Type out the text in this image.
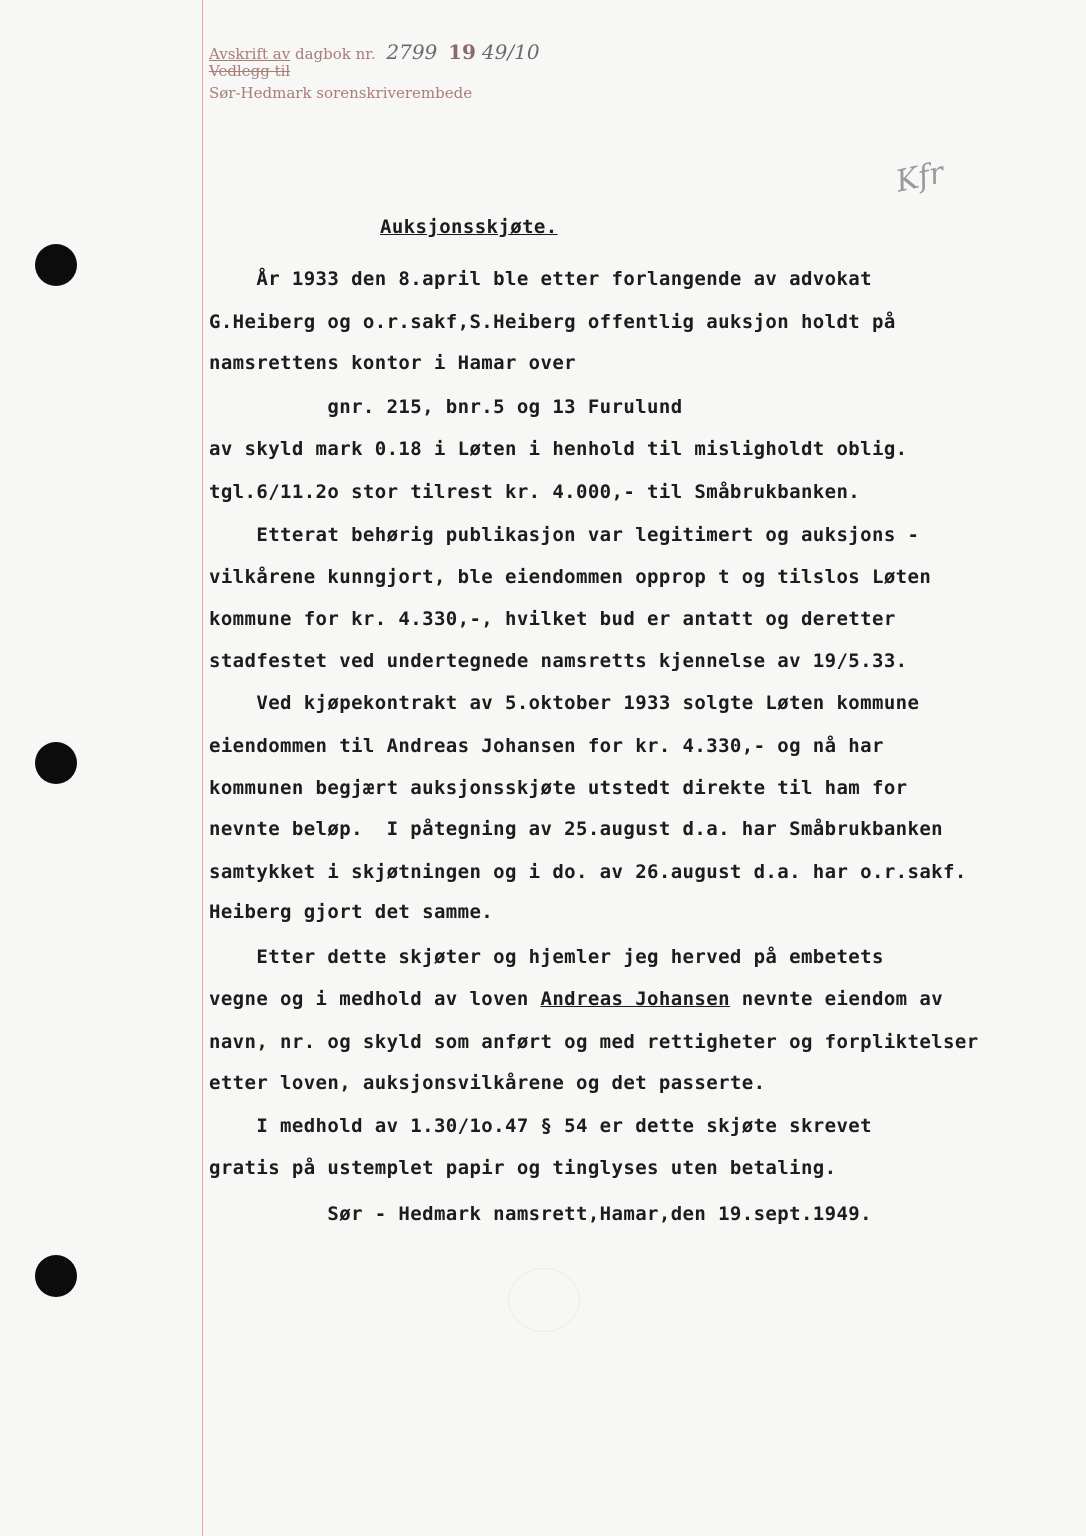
Avskrift av dagbok nr. 2799 19 49/10
Vedlegg til
Sør-Hedmark sorenskriverembede
Kfr
Auksjonsskjøte.
År 1933 den 8.april ble etter forlangende av advokat
G.Heiberg og o.r.sakf,S.Heiberg offentlig auksjon holdt på
namsrettens kontor i Hamar over
gnr. 215, bnr.5 og 13 Furulund
av skyld mark 0.18 i Løten i henhold til misligholdt oblig.
tgl.6/11.2o stor tilrest kr. 4.000,- til Småbrukbanken.
Etterat behørig publikasjon var legitimert og auksjons -
vilkårene kunngjort, ble eiendommen opprop t og tilslos Løten
kommune for kr. 4.330,-, hvilket bud er antatt og deretter
stadfestet ved undertegnede namsretts kjennelse av 19/5.33.
Ved kjøpekontrakt av 5.oktober 1933 solgte Løten kommune
eiendommen til Andreas Johansen for kr. 4.330,- og nå har
kommunen begjært auksjonsskjøte utstedt direkte til ham for
nevnte beløp.  I påtegning av 25.august d.a. har Småbrukbanken
samtykket i skjøtningen og i do. av 26.august d.a. har o.r.sakf.
Heiberg gjort det samme.
Etter dette skjøter og hjemler jeg herved på embetets
vegne og i medhold av loven Andreas Johansen nevnte eiendom av
navn, nr. og skyld som anført og med rettigheter og forpliktelser
etter loven, auksjonsvilkårene og det passerte.
I medhold av 1.30/1o.47 § 54 er dette skjøte skrevet
gratis på ustemplet papir og tinglyses uten betaling.
Sør - Hedmark namsrett,Hamar,den 19.sept.1949.
